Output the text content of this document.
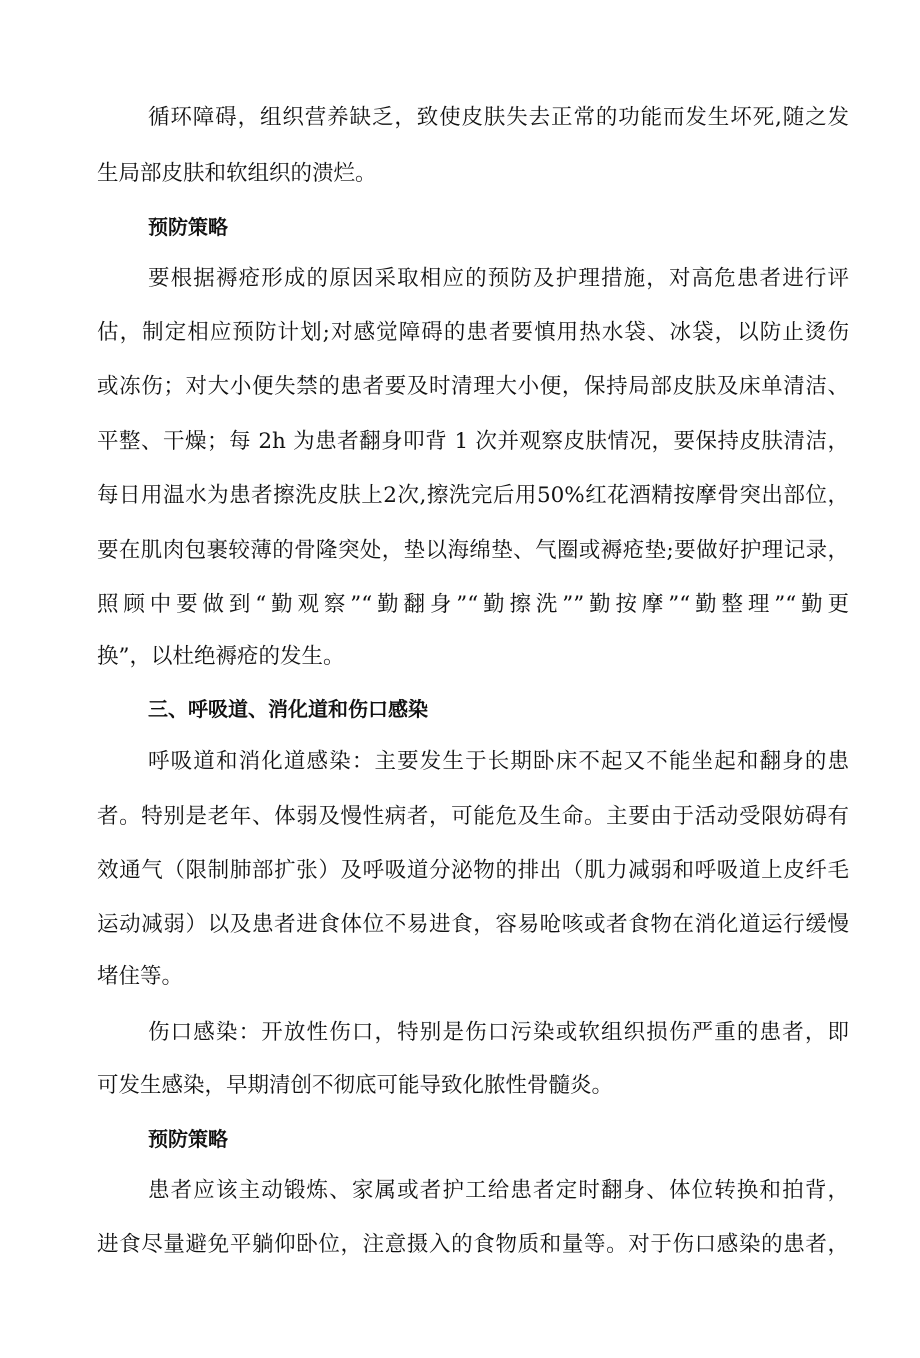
循环障碍，组织营养缺乏，致使皮肤失去正常的功能而发生坏死,随之发
生局部皮肤和软组织的溃烂。
预防策略
要根据褥疮形成的原因采取相应的预防及护理措施，对高危患者进行评
估，制定相应预防计划;对感觉障碍的患者要慎用热水袋、冰袋，以防止烫伤
或冻伤；对大小便失禁的患者要及时清理大小便，保持局部皮肤及床单清洁、
平整、干燥；每 2h 为患者翻身叩背 1 次并观察皮肤情况，要保持皮肤清洁，
每日用温水为患者擦洗皮肤上2次,擦洗完后用50%红花酒精按摩骨突出部位，
要在肌肉包裹较薄的骨隆突处，垫以海绵垫、气圈或褥疮垫;要做好护理记录，
照顾中要做到“勤观察”“勤翻身”“勤擦洗””勤按摩”“勤整理”“勤更
换”，以杜绝褥疮的发生。
三、呼吸道、消化道和伤口感染
呼吸道和消化道感染：主要发生于长期卧床不起又不能坐起和翻身的患
者。特别是老年、体弱及慢性病者，可能危及生命。主要由于活动受限妨碍有
效通气（限制肺部扩张）及呼吸道分泌物的排出（肌力减弱和呼吸道上皮纤毛
运动减弱）以及患者进食体位不易进食，容易呛咳或者食物在消化道运行缓慢
堵住等。
伤口感染：开放性伤口，特别是伤口污染或软组织损伤严重的患者，即
可发生感染，早期清创不彻底可能导致化脓性骨髓炎。
预防策略
患者应该主动锻炼、家属或者护工给患者定时翻身、体位转换和拍背，
进食尽量避免平躺仰卧位，注意摄入的食物质和量等。对于伤口感染的患者，
